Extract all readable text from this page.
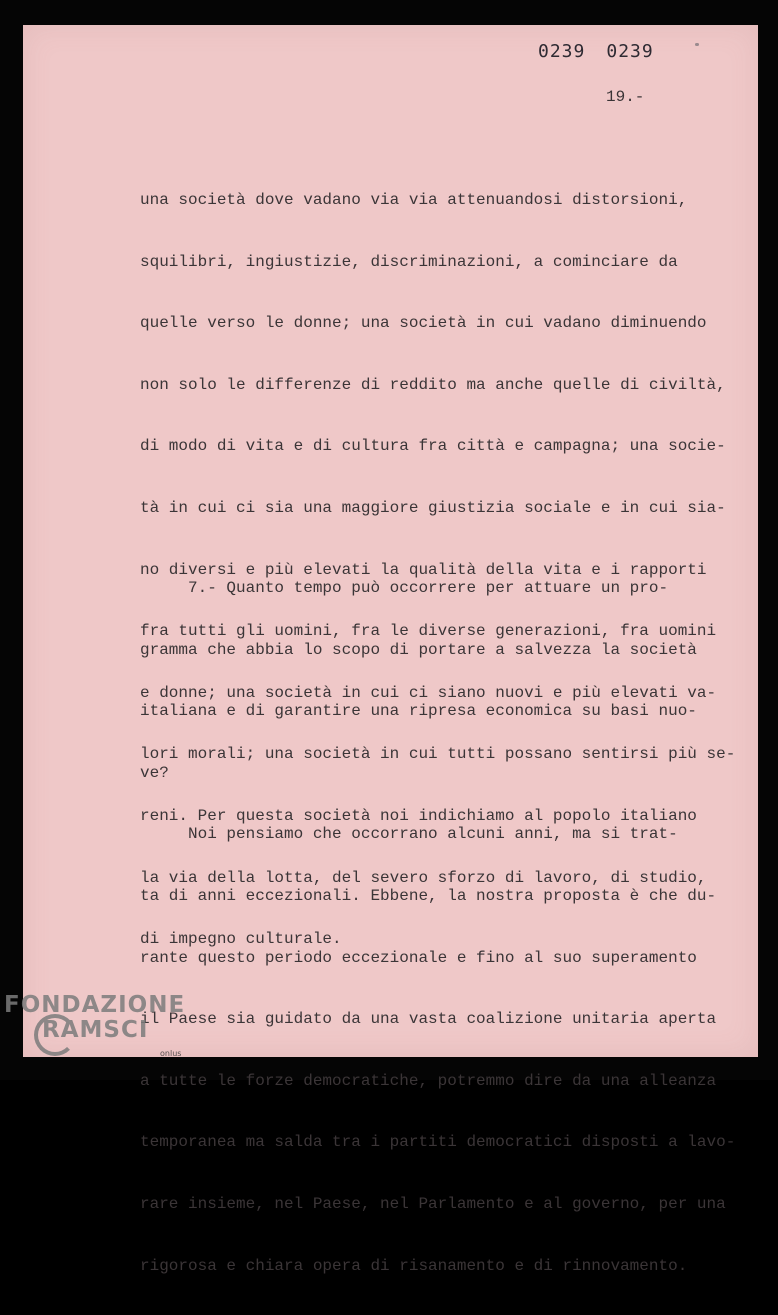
0239 0239
19.-

una società dove vadano via via attenuandosi distorsioni,

squilibri, ingiustizie, discriminazioni, a cominciare da

quelle verso le donne; una società in cui vadano diminuendo

non solo le differenze di reddito ma anche quelle di civiltà,

di modo di vita e di cultura fra città e campagna; una socie-

tà in cui ci sia una maggiore giustizia sociale e in cui sia-

no diversi e più elevati la qualità della vita e i rapporti

fra tutti gli uomini, fra le diverse generazioni, fra uomini

e donne; una società in cui ci siano nuovi e più elevati va-

lori morali; una società in cui tutti possano sentirsi più se-

reni. Per questa società noi indichiamo al popolo italiano

la via della lotta, del severo sforzo di lavoro, di studio,

di impegno culturale.

7.- Quanto tempo può occorrere per attuare un pro-

gramma che abbia lo scopo di portare a salvezza la società

italiana e di garantire una ripresa economica su basi nuo-

ve?

Noi pensiamo che occorrano alcuni anni, ma si trat-

ta di anni eccezionali. Ebbene, la nostra proposta è che du-

rante questo periodo eccezionale e fino al suo superamento

il Paese sia guidato da una vasta coalizione unitaria aperta

a tutte le forze democratiche, potremmo dire da una alleanza

temporanea ma salda tra i partiti democratici disposti a lavo-

rare insieme, nel Paese, nel Parlamento e al governo, per una

rigorosa e chiara opera di risanamento e di rinnovamento.

FONDAZIONE
RAMSCI
onlus
